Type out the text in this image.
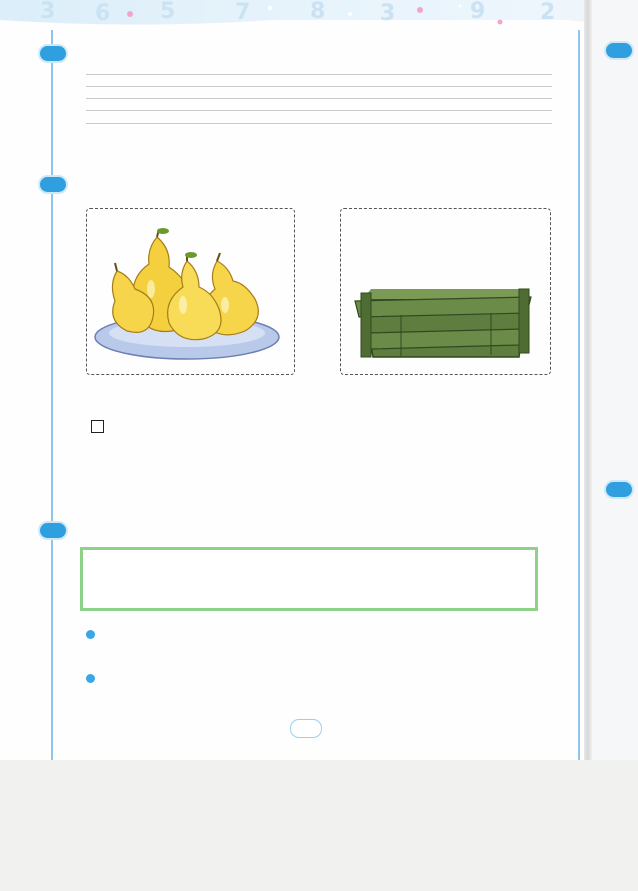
3 6 5	7	8 3	9 2
